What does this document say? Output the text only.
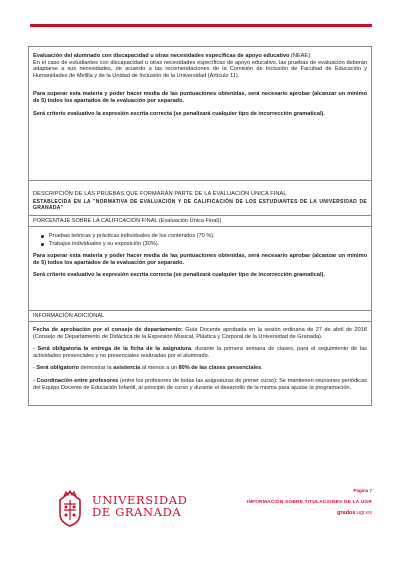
Evaluación del alumnado con discapacidad u otras necesidades específicas de apoyo educativo (NEAE):
En el caso de estudiantes con discapacidad u otras necesidades específicas de apoyo educativo, las pruebas de evaluación deberán adaptarse a sus necesidades, de acuerdo a las recomendaciones de la Comisión de Inclusión de Facultad de Educación y Humanidades de Melilla y de la Unidad de Inclusión de la Universidad (Artículo 11).

Para superar esta materia y poder hacer media de las puntuaciones obtenidas, será necesario aprobar (alcanzar un mínimo de 5) todos los apartados de la evaluación por separado.

Será criterio evaluativo la expresión escrita correcta (se penalizará cualquier tipo de incorrección gramatical).

DESCRIPCIÓN DE LAS PRUEBAS QUE FORMARÁN PARTE DE LA EVALUACIÓN ÚNICA FINAL

ESTABLECIDA EN LA "NORMATIVA DE EVALUACIÓN Y DE CALIFICACIÓN DE LOS ESTUDIANTES DE LA UNIVERSIDAD DE GRANADA"

PORCENTAJE SOBRE LA CALIFICACIÓN FINAL (Evaluación Única Final))

Pruebas teóricas y prácticas individuales de los contenidos (70 %).
Trabajos individuales y su exposición (30%).

Para superar esta materia y poder hacer media de las puntuaciones obtenidas, será necesario aprobar (alcanzar un mínimo de 5) todos los apartados de la evaluación por separado.

Será criterio evaluativo la expresión escrita correcta (se penalizará cualquier tipo de incorrección gramatical).

INFORMACIÓN ADICIONAL

Fecha de aprobación por el consejo de departamento: Guía Docente aprobada en la sesión ordinaria de 27 de abril de 2018 (Consejo de Departamento de Didáctica de la Expresión Musical, Plástica y Corporal de la Universidad de Granada).

- Será obligatoria la entrega de la ficha de la asignatura, durante la primera semana de clases, para el seguimiento de las actividades presenciales y no presenciales realizadas por el alumnado.

- Será obligatorio demostrar la asistencia al menos a un 80% de las clases presenciales.

- Coordinación entre profesores (entre los profesores de todas las asignaturas de primer curso): Se mantienen reuniones periódicas del Equipo Docente de Educación Infantil, al principio de curso y durante el desarrollo de la misma para ajustar la programación.

UNIVERSIDAD
DE GRANADA
Página 7
INFORMACIÓN SOBRE TITULACIONES DE LA UGR
grados.ugr.es
